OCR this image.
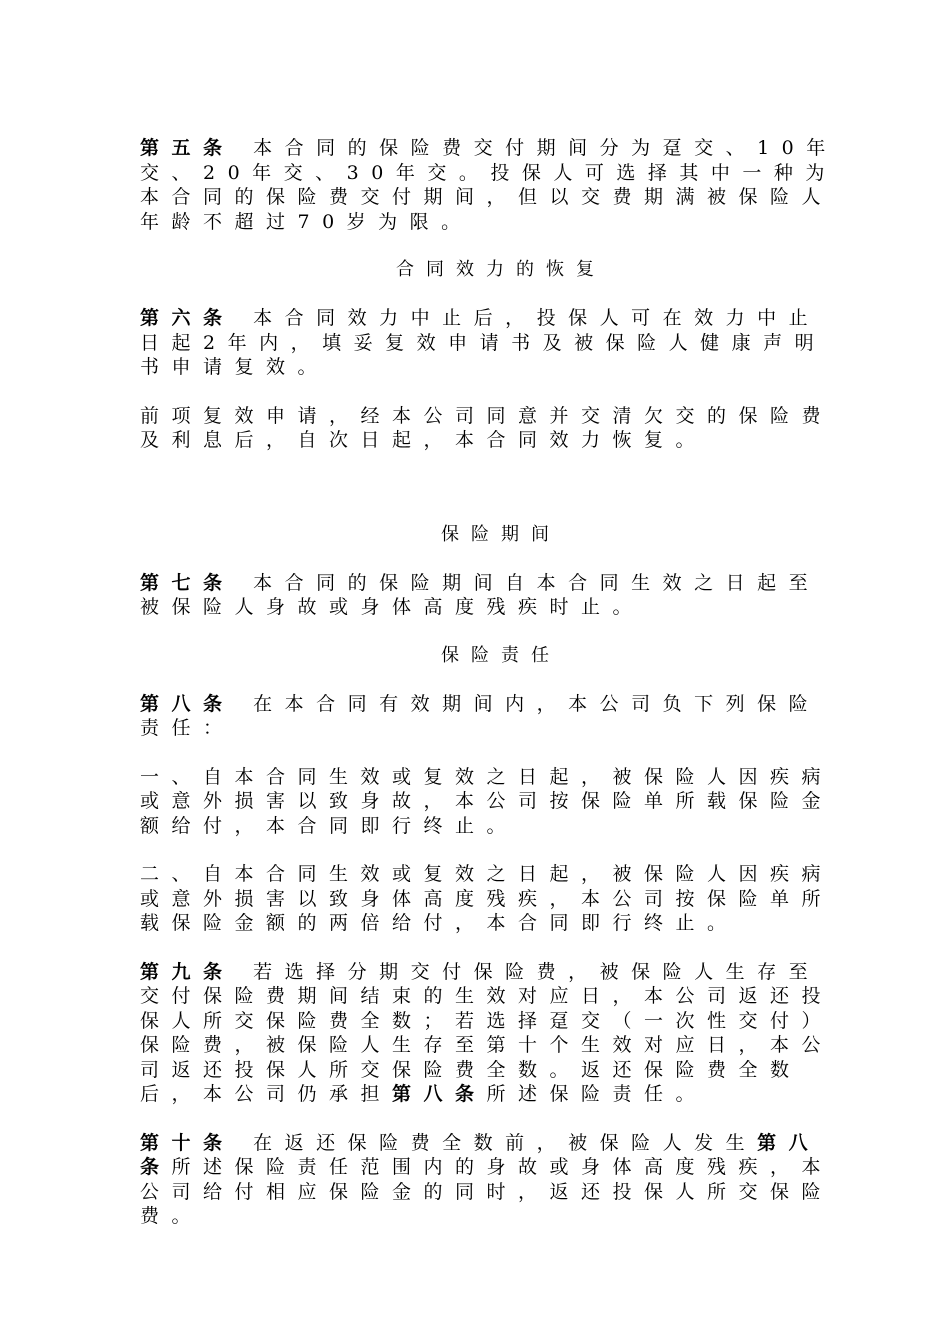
第五条 本合同的保险费交付期间分为趸交、10年交、20年交、30年交。投保人可选择其中一种为本合同的保险费交付期间，但以交费期满被保险人年龄不超过70岁为限。

合同效力的恢复

第六条 本合同效力中止后，投保人可在效力中止日起2年内，填妥复效申请书及被保险人健康声明书申请复效。

前项复效申请，经本公司同意并交清欠交的保险费及利息后，自次日起，本合同效力恢复。

保险期间

第七条 本合同的保险期间自本合同生效之日起至被保险人身故或身体高度残疾时止。

保险责任

第八条 在本合同有效期间内，本公司负下列保险责任：

一、自本合同生效或复效之日起，被保险人因疾病或意外损害以致身故，本公司按保险单所载保险金额给付，本合同即行终止。

二、自本合同生效或复效之日起，被保险人因疾病或意外损害以致身体高度残疾，本公司按保险单所载保险金额的两倍给付，本合同即行终止。

第九条 若选择分期交付保险费，被保险人生存至交付保险费期间结束的生效对应日，本公司返还投保人所交保险费全数；若选择趸交（一次性交付）保险费，被保险人生存至第十个生效对应日，本公司返还投保人所交保险费全数。返还保险费全数后，本公司仍承担第八条所述保险责任。

第十条 在返还保险费全数前，被保险人发生第八条所述保险责任范围内的身故或身体高度残疾，本公司给付相应保险金的同时，返还投保人所交保险费。
